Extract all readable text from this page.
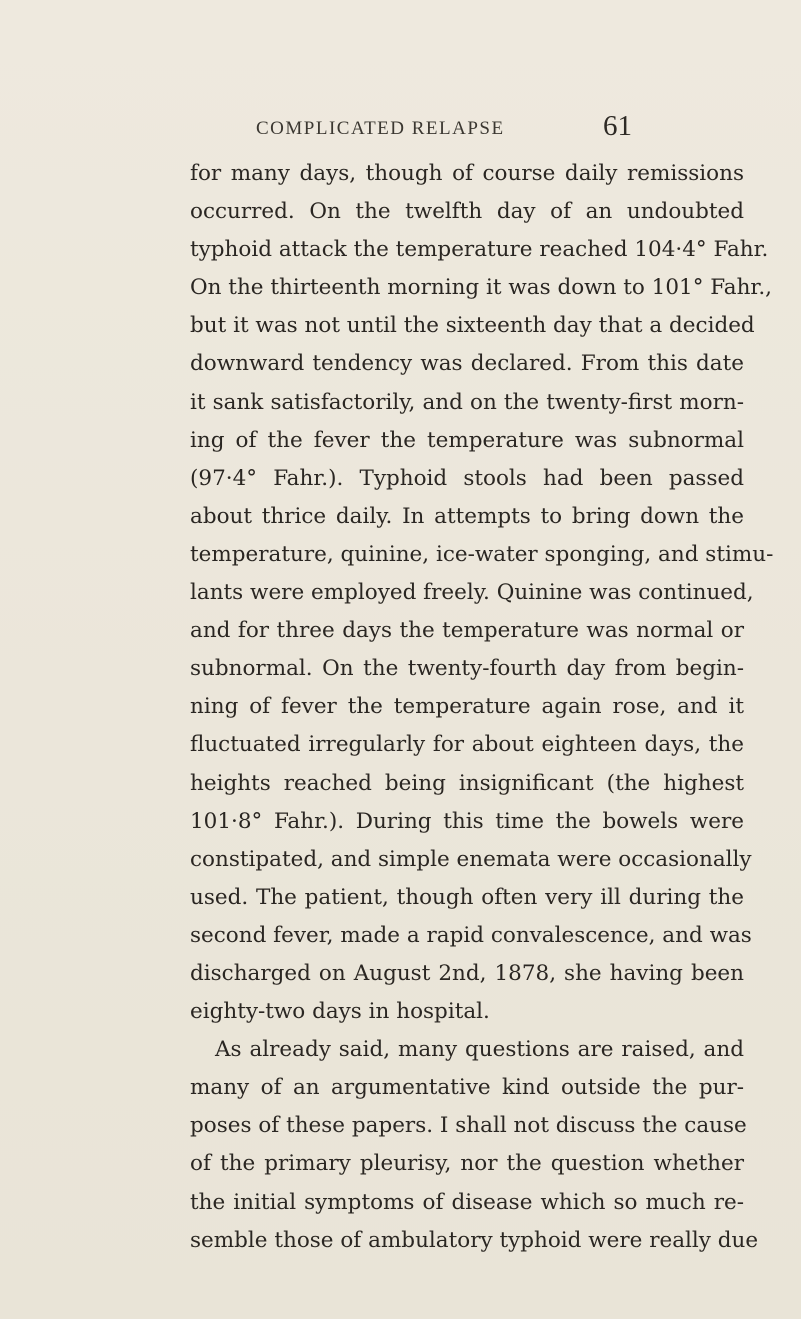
COMPLICATED RELAPSE	61
for many days, though of course daily remissions
occurred. On the twelfth day of an undoubted
typhoid attack the temperature reached 104·4° Fahr.
On the thirteenth morning it was down to 101° Fahr.,
but it was not until the sixteenth day that a decided
downward tendency was declared. From this date
it sank satisfactorily, and on the twenty-first morn-
ing of the fever the temperature was subnormal
(97·4° Fahr.). Typhoid stools had been passed
about thrice daily. In attempts to bring down the
temperature, quinine, ice-water sponging, and stimu-
lants were employed freely. Quinine was continued,
and for three days the temperature was normal or
subnormal. On the twenty-fourth day from begin-
ning of fever the temperature again rose, and it
fluctuated irregularly for about eighteen days, the
heights reached being insignificant (the highest
101·8° Fahr.). During this time the bowels were
constipated, and simple enemata were occasionally
used. The patient, though often very ill during the
second fever, made a rapid convalescence, and was
discharged on August 2nd, 1878, she having been
eighty-two days in hospital.
As already said, many questions are raised, and
many of an argumentative kind outside the pur-
poses of these papers. I shall not discuss the cause
of the primary pleurisy, nor the question whether
the initial symptoms of disease which so much re-
semble those of ambulatory typhoid were really due
